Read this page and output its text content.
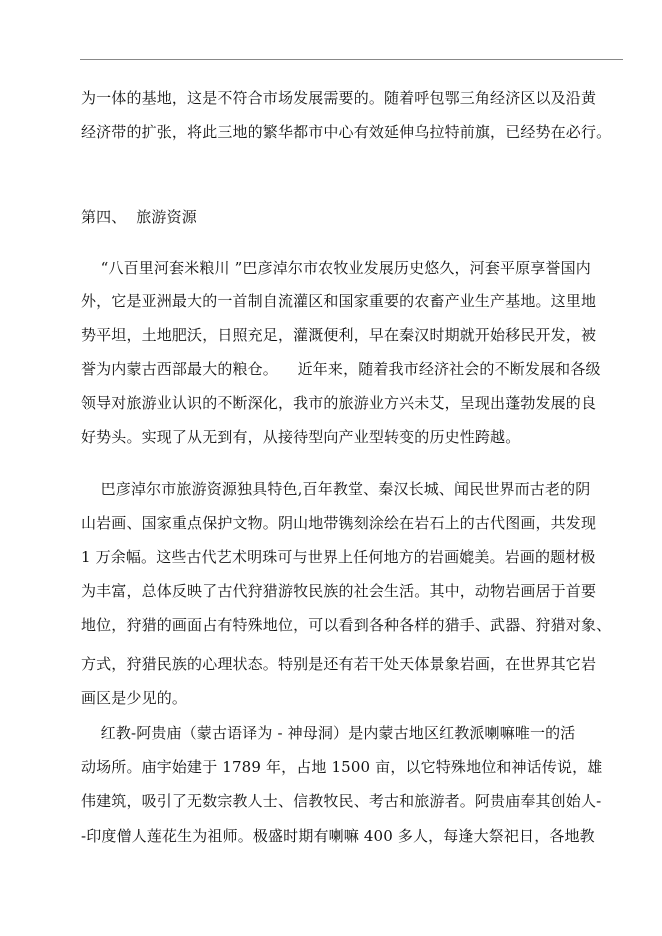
为一体的基地，这是不符合市场发展需要的。随着呼包鄂三角经济区以及沿黄
经济带的扩张，将此三地的繁华都市中心有效延伸乌拉特前旗，已经势在必行。
第四、  旅游资源
“八百里河套米粮川 ”巴彦淖尔市农牧业发展历史悠久，河套平原享誉国内
外，它是亚洲最大的一首制自流灌区和国家重要的农畜产业生产基地。这里地
势平坦，土地肥沃，日照充足，灌溉便利，早在秦汉时期就开始移民开发，被
誉为内蒙古西部最大的粮仓。    近年来，随着我市经济社会的不断发展和各级
领导对旅游业认识的不断深化，我市的旅游业方兴未艾，呈现出蓬勃发展的良
好势头。实现了从无到有，从接待型向产业型转变的历史性跨越。
巴彦淖尔市旅游资源独具特色,百年教堂、秦汉长城、闻民世界而古老的阴
山岩画、国家重点保护文物。阴山地带镌刻涂绘在岩石上的古代图画，共发现
1 万余幅。这些古代艺术明珠可与世界上任何地方的岩画媲美。岩画的题材极
为丰富，总体反映了古代狩猎游牧民族的社会生活。其中，动物岩画居于首要
地位，狩猎的画面占有特殊地位，可以看到各种各样的猎手、武器、狩猎对象、
方式，狩猎民族的心理状态。特别是还有若干处天体景象岩画，在世界其它岩
画区是少见的。
红教-阿贵庙（蒙古语译为 - 神母洞）是内蒙古地区红教派喇嘛唯一的活
动场所。庙宇始建于 1789 年，占地 1500 亩，以它特殊地位和神话传说，雄
伟建筑，吸引了无数宗教人士、信教牧民、考古和旅游者。阿贵庙奉其创始人-
-印度僧人莲花生为祖师。极盛时期有喇嘛 400 多人，每逢大祭祀日，各地教
